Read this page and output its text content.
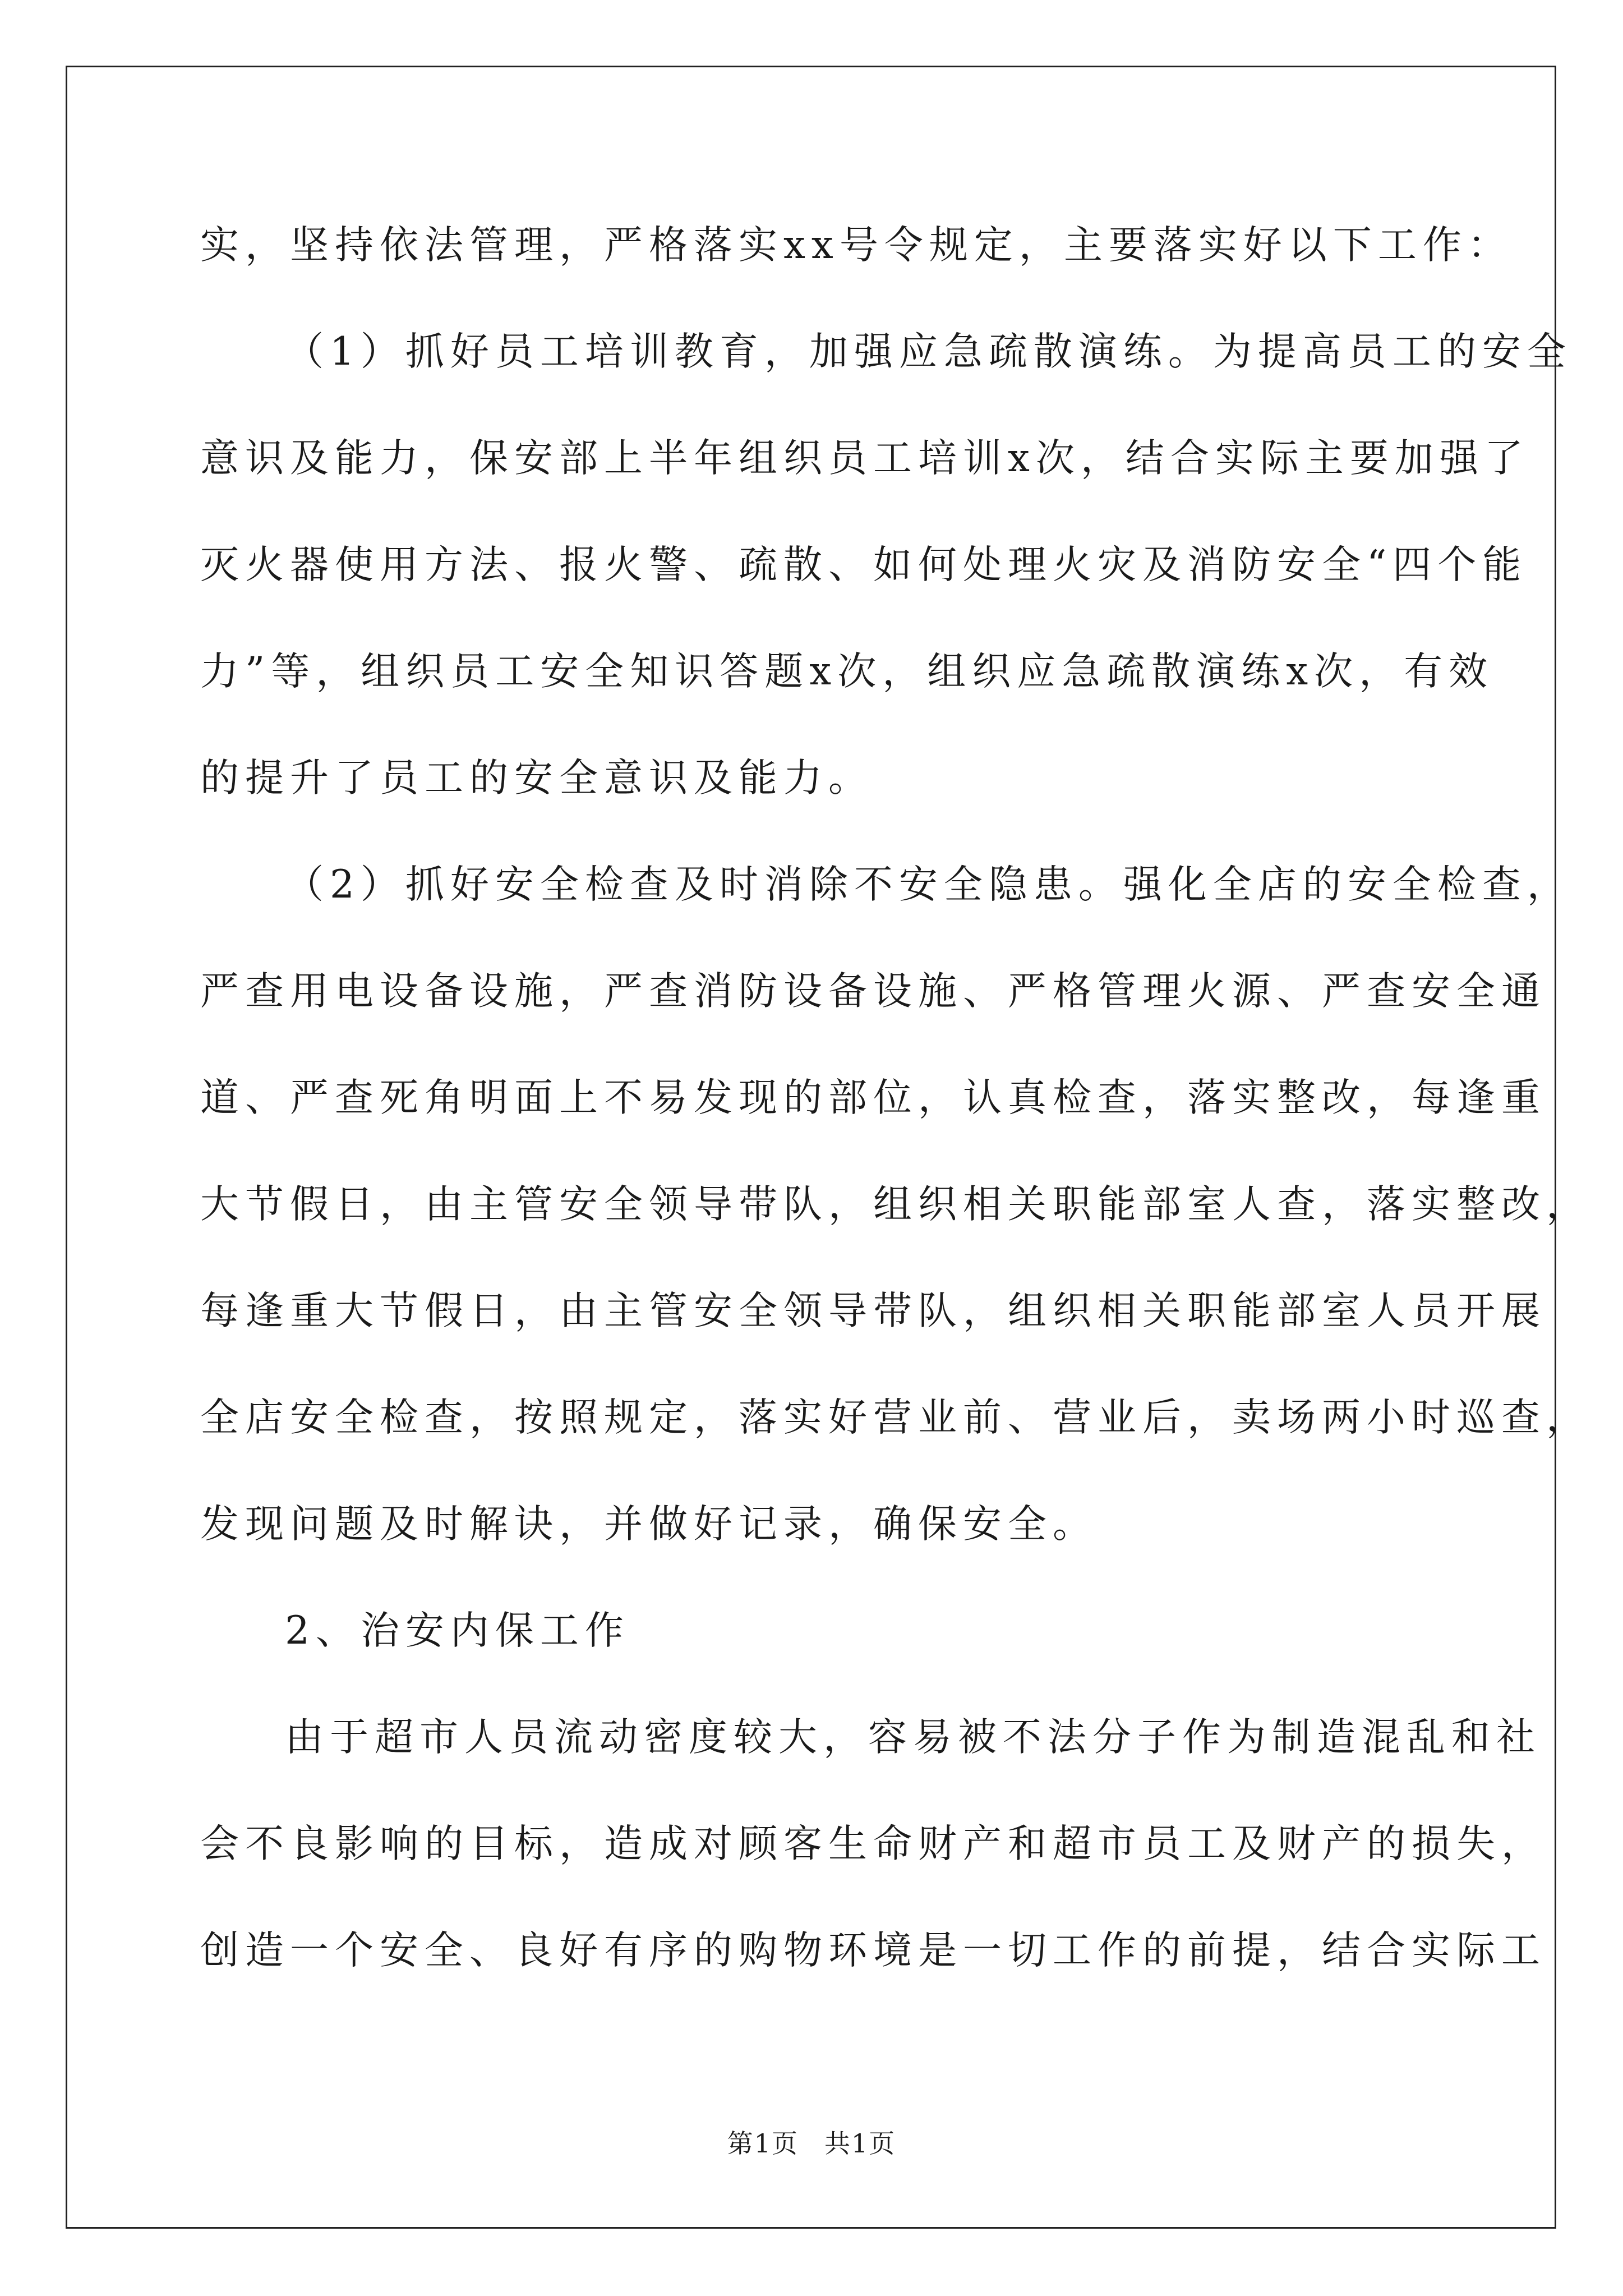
实，坚持依法管理，严格落实xx号令规定，主要落实好以下工作：
（1）抓好员工培训教育，加强应急疏散演练。为提高员工的安全
意识及能力，保安部上半年组织员工培训x次，结合实际主要加强了
灭火器使用方法、报火警、疏散、如何处理火灾及消防安全“四个能
力”等，组织员工安全知识答题x次，组织应急疏散演练x次，有效
的提升了员工的安全意识及能力。
（2）抓好安全检查及时消除不安全隐患。强化全店的安全检查，
严查用电设备设施，严查消防设备设施、严格管理火源、严查安全通
道、严查死角明面上不易发现的部位，认真检查，落实整改，每逢重
大节假日，由主管安全领导带队，组织相关职能部室人查，落实整改，
每逢重大节假日，由主管安全领导带队，组织相关职能部室人员开展
全店安全检查，按照规定，落实好营业前、营业后，卖场两小时巡查，
发现问题及时解诀，并做好记录，确保安全。
2、治安内保工作
由于超市人员流动密度较大，容易被不法分子作为制造混乱和社
会不良影响的目标，造成对顾客生命财产和超市员工及财产的损失，
创造一个安全、良好有序的购物环境是一切工作的前提，结合实际工
第1页 共1页
